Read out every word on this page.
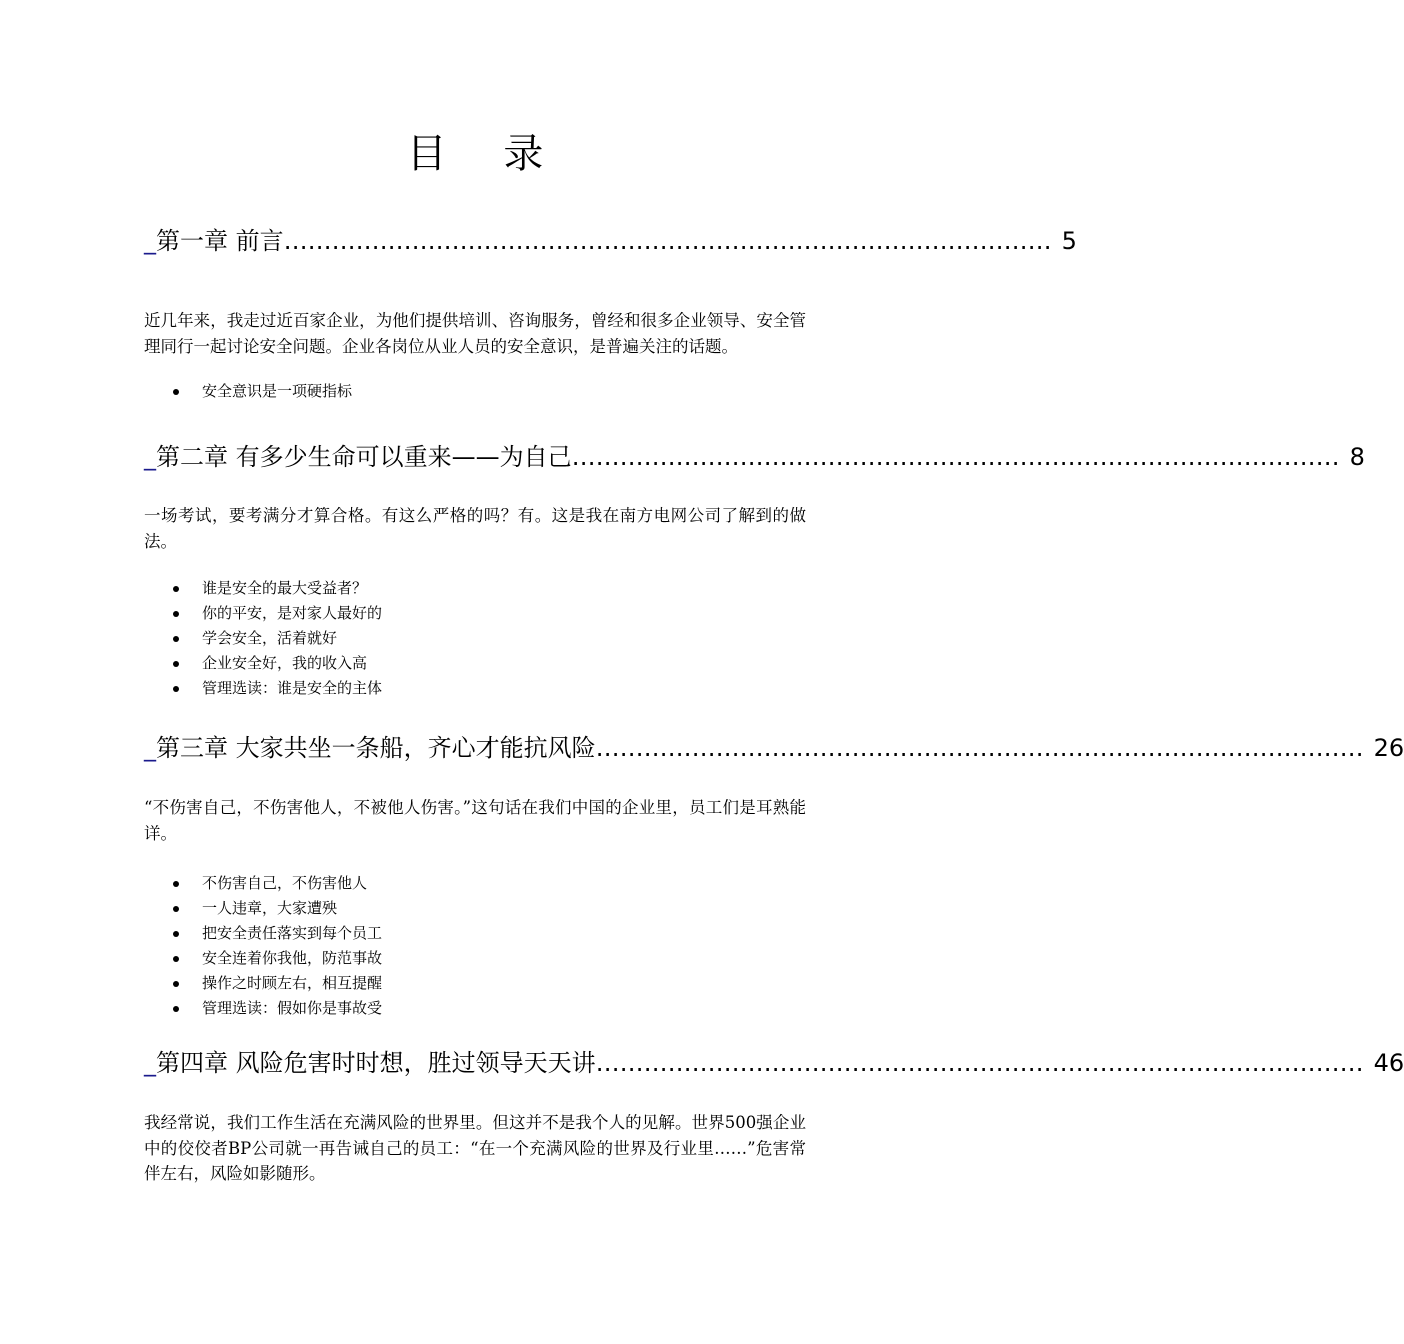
目 录
_ 第一章 前言 …………………………………………………………………………………… 5

近几年来，我走过近百家企业，为他们提供培训、咨询服务，曾经和很多企业领导、安全管理同行一起讨论安全问题。企业各岗位从业人员的安全意识，是普遍关注的话题。

安全意识是一项硬指标
_ 第二章 有多少生命可以重来——为自己 …………………………………………………………………………………… 8

一场考试，要考满分才算合格。有这么严格的吗？有。这是我在南方电网公司了解到的做法。

谁是安全的最大受益者？
你的平安，是对家人最好的
学会安全，活着就好
企业安全好，我的收入高
管理选读：谁是安全的主体
_ 第三章 大家共坐一条船，齐心才能抗风险 …………………………………………………………………………………… 26

“不伤害自己，不伤害他人，不被他人伤害。”这句话在我们中国的企业里，员工们是耳熟能详。

不伤害自己，不伤害他人
一人违章，大家遭殃
把安全责任落实到每个员工
安全连着你我他，防范事故
操作之时顾左右，相互提醒
管理选读：假如你是事故受
_ 第四章 风险危害时时想，胜过领导天天讲 …………………………………………………………………………………… 46

我经常说，我们工作生活在充满风险的世界里。但这并不是我个人的见解。世界500强企业中的佼佼者BP公司就一再告诫自己的员工：“在一个充满风险的世界及行业里……”危害常伴左右，风险如影随形。
